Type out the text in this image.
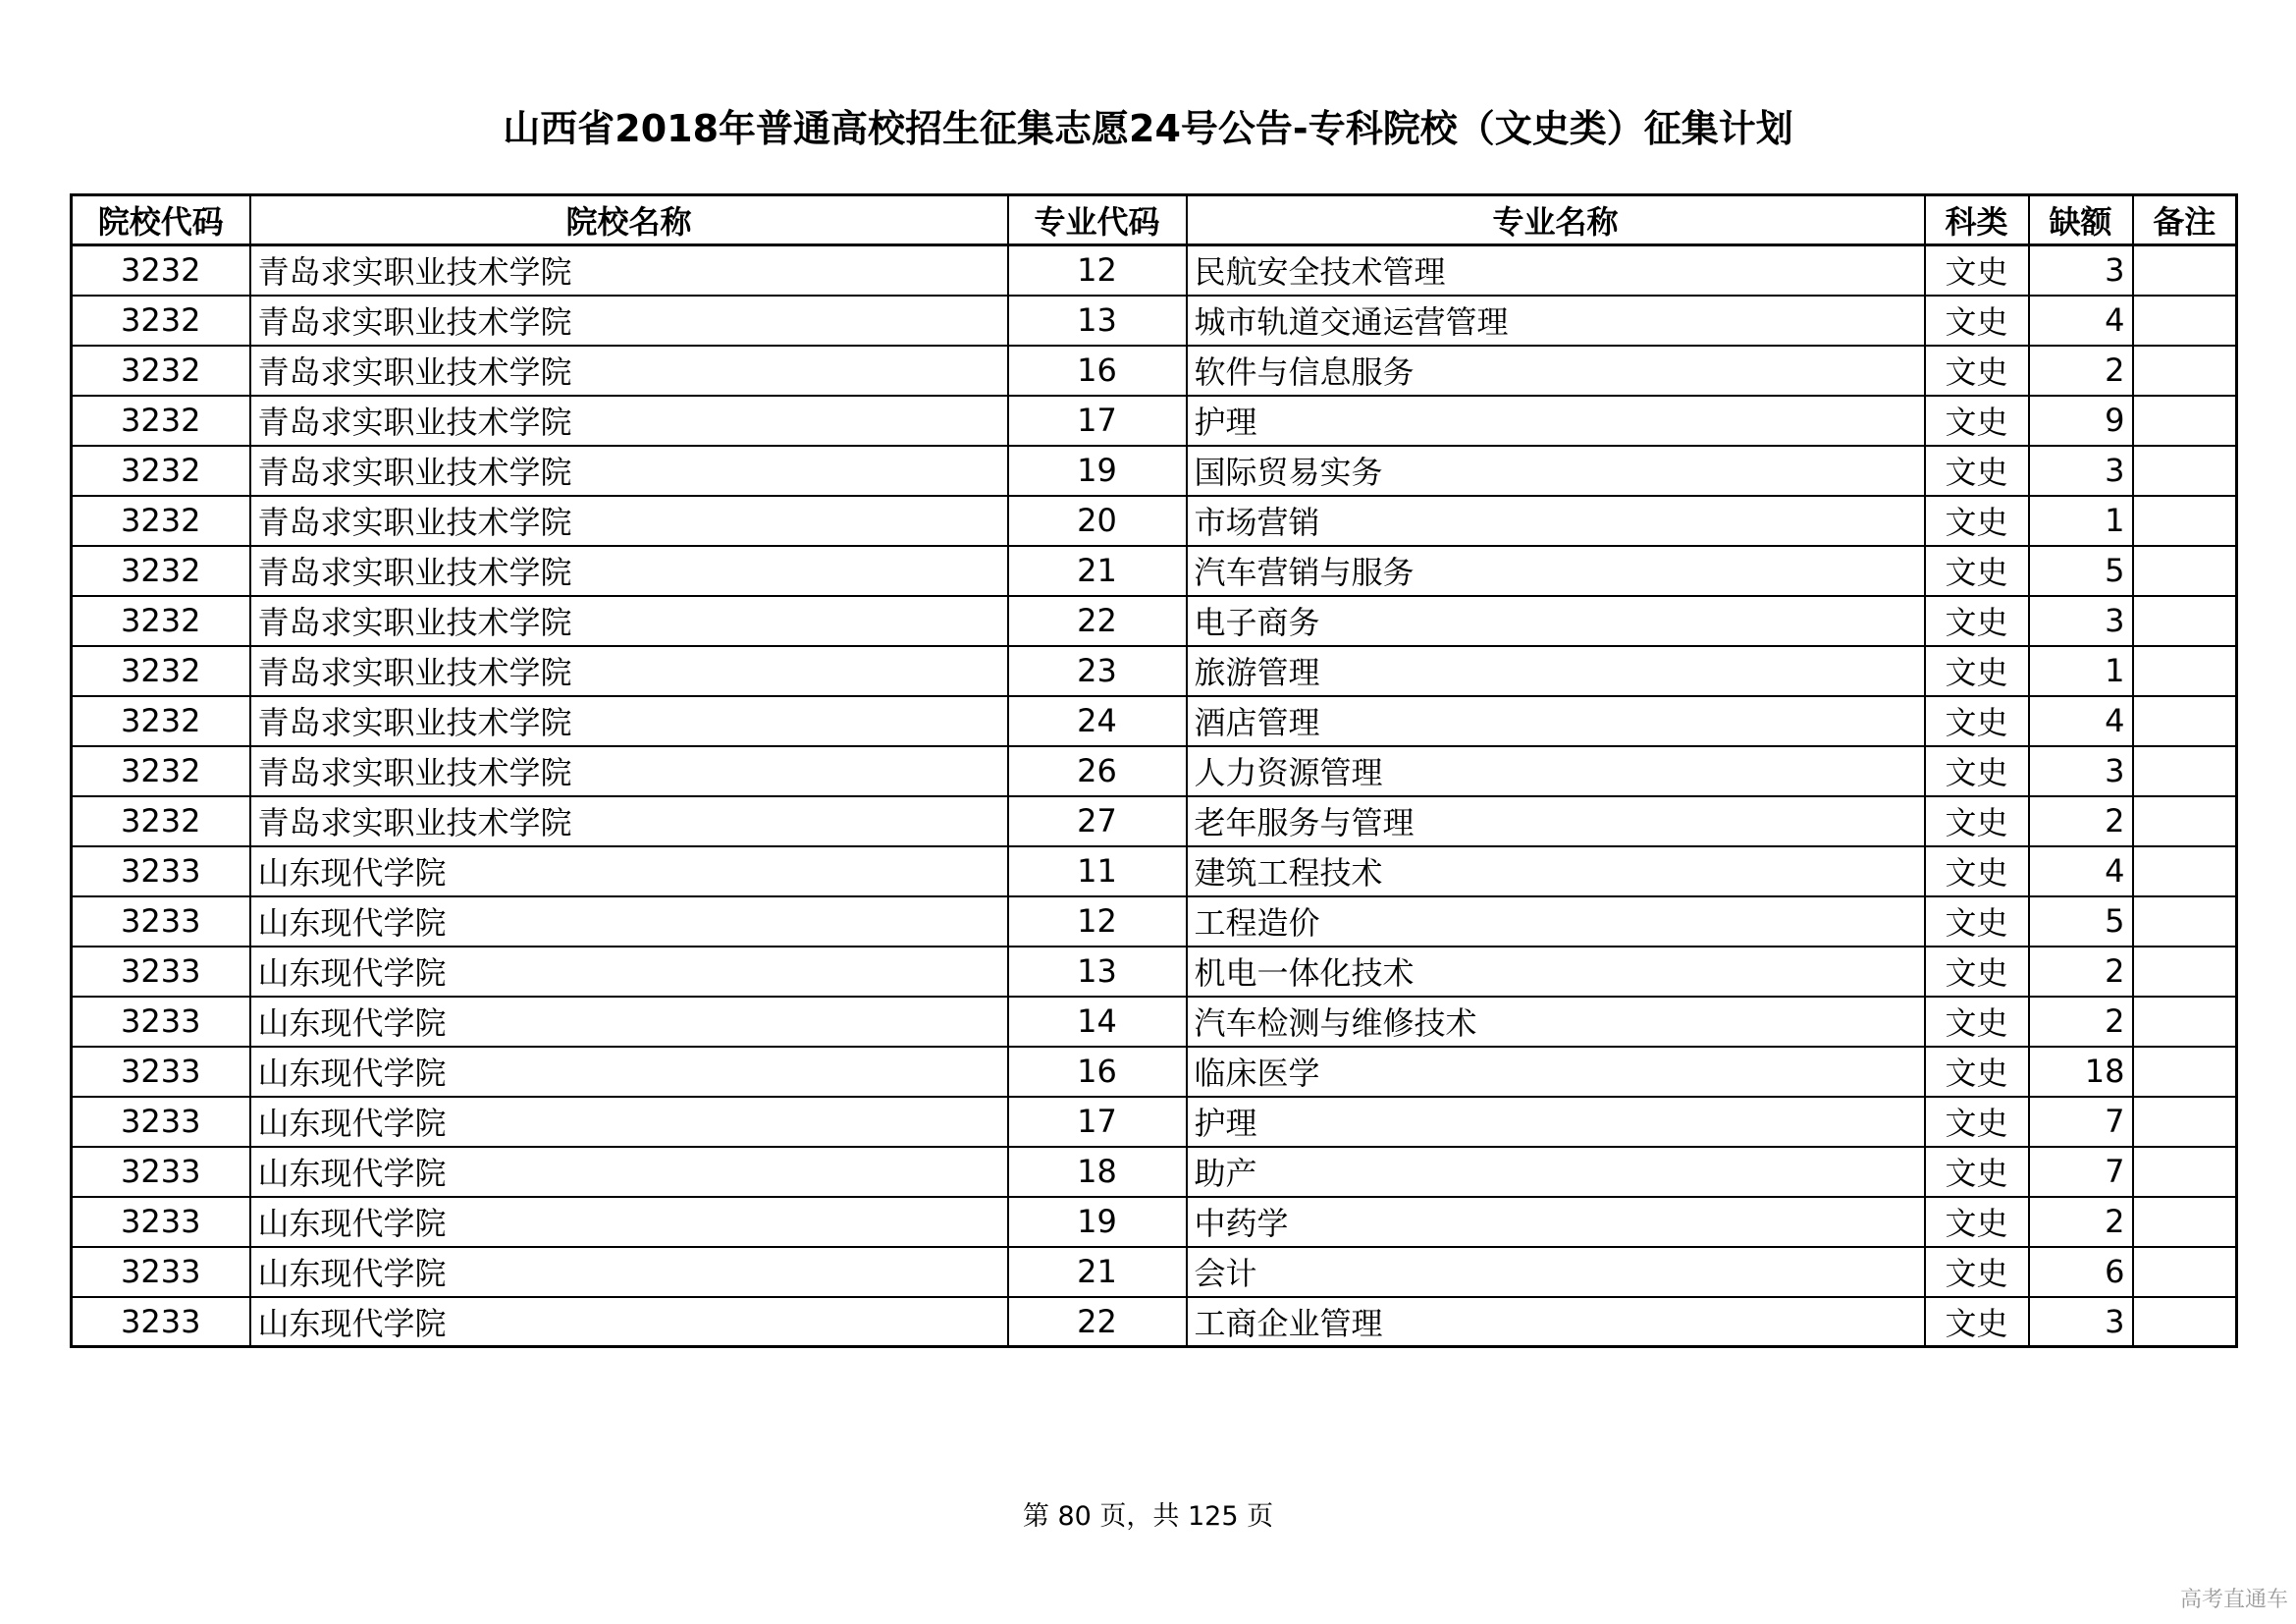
山西省2018年普通高校招生征集志愿24号公告-专科院校（文史类）征集计划
院校代码	院校名称	专业代码	专业名称	科类	缺额	备注
3232	青岛求实职业技术学院	12	民航安全技术管理	文史	3	
3232	青岛求实职业技术学院	13	城市轨道交通运营管理	文史	4	
3232	青岛求实职业技术学院	16	软件与信息服务	文史	2	
3232	青岛求实职业技术学院	17	护理	文史	9	
3232	青岛求实职业技术学院	19	国际贸易实务	文史	3	
3232	青岛求实职业技术学院	20	市场营销	文史	1	
3232	青岛求实职业技术学院	21	汽车营销与服务	文史	5	
3232	青岛求实职业技术学院	22	电子商务	文史	3	
3232	青岛求实职业技术学院	23	旅游管理	文史	1	
3232	青岛求实职业技术学院	24	酒店管理	文史	4	
3232	青岛求实职业技术学院	26	人力资源管理	文史	3	
3232	青岛求实职业技术学院	27	老年服务与管理	文史	2	
3233	山东现代学院	11	建筑工程技术	文史	4	
3233	山东现代学院	12	工程造价	文史	5	
3233	山东现代学院	13	机电一体化技术	文史	2	
3233	山东现代学院	14	汽车检测与维修技术	文史	2	
3233	山东现代学院	16	临床医学	文史	18	
3233	山东现代学院	17	护理	文史	7	
3233	山东现代学院	18	助产	文史	7	
3233	山东现代学院	19	中药学	文史	2	
3233	山东现代学院	21	会计	文史	6	
3233	山东现代学院	22	工商企业管理	文史	3	
第 80 页，共 125 页
高考直通车
